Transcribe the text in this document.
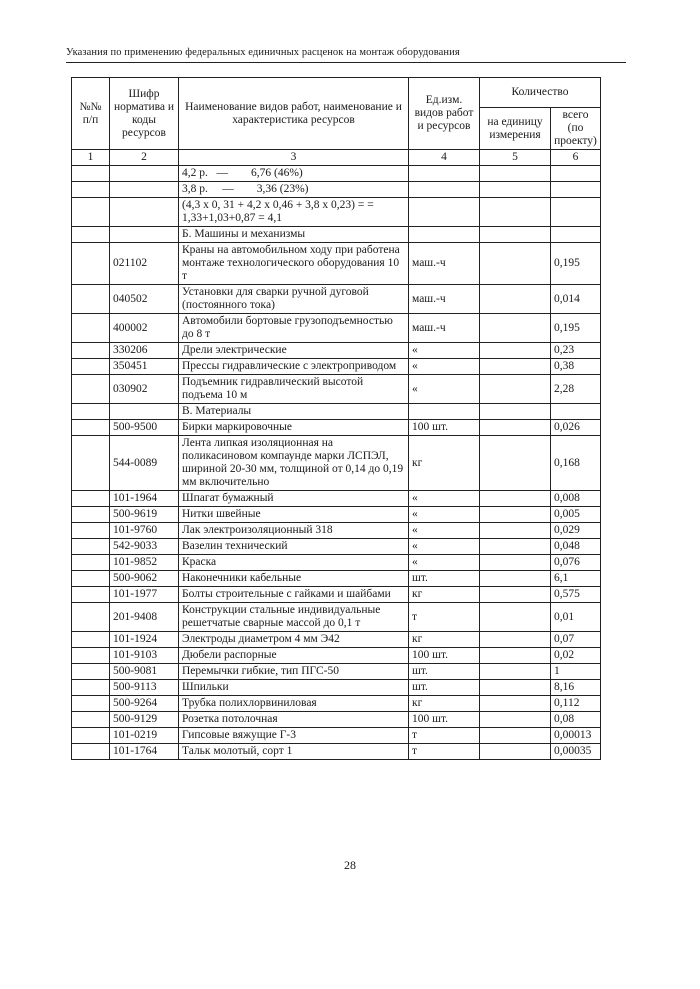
Указания по применению федеральных единичных расценок на монтаж оборудования
№№ п/п	Шифр норматива и коды ресурсов	Наименование видов работ, наименование и характеристика ресурсов	Ед.изм. видов работ и ресурсов	Количество	
				на единицу измерения	всего (по проекту)
1	2	3	4	5	6
		4,2 р.   —        6,76 (46%)			
		3,8 р.     —        3,36 (23%)			
		(4,3 х 0, 31 + 4,2 х 0,46 + 3,8 х 0,23) = = 1,33+1,03+0,87 = 4,1			
		Б. Машины и механизмы			
	021102	Краны на автомобильном ходу при работена монтаже технологического оборудования 10 т	маш.-ч		0,195
	040502	Установки для сварки ручной дуговой (постоянного тока)	маш.-ч		0,014
	400002	Автомобили бортовые грузоподъемностью до 8 т	маш.-ч		0,195
	330206	Дрели электрические	«		0,23
	350451	Прессы гидравлические с электроприводом	«		0,38
	030902	Подъемник гидравлический высотой подъема 10 м	«		2,28
		В. Материалы			
	500-9500	Бирки маркировочные	100 шт.		0,026
	544-0089	Лента липкая изоляционная на поликасиновом компаунде марки ЛСПЭЛ, шириной 20-30 мм, толщиной от 0,14 до 0,19 мм включительно	кг		0,168
	101-1964	Шпагат бумажный	«		0,008
	500-9619	Нитки швейные	«		0,005
	101-9760	Лак электроизоляционный 318	«		0,029
	542-9033	Вазелин технический	«		0,048
	101-9852	Краска	«		0,076
	500-9062	Наконечники кабельные	шт.		6,1
	101-1977	Болты строительные с гайками и шайбами	кг		0,575
	201-9408	Конструкции стальные индивидуальные решетчатые сварные массой до 0,1 т	т		0,01
	101-1924	Электроды диаметром 4 мм Э42	кг		0,07
	101-9103	Дюбели распорные	100 шт.		0,02
	500-9081	Перемычки гибкие, тип ПГС-50	шт.		1
	500-9113	Шпильки	шт.		8,16
	500-9264	Трубка полихлорвиниловая	кг		0,112
	500-9129	Розетка потолочная	100 шт.		0,08
	101-0219	Гипсовые вяжущие Г-3	т		0,00013
	101-1764	Тальк молотый, сорт 1	т		0,00035
28
